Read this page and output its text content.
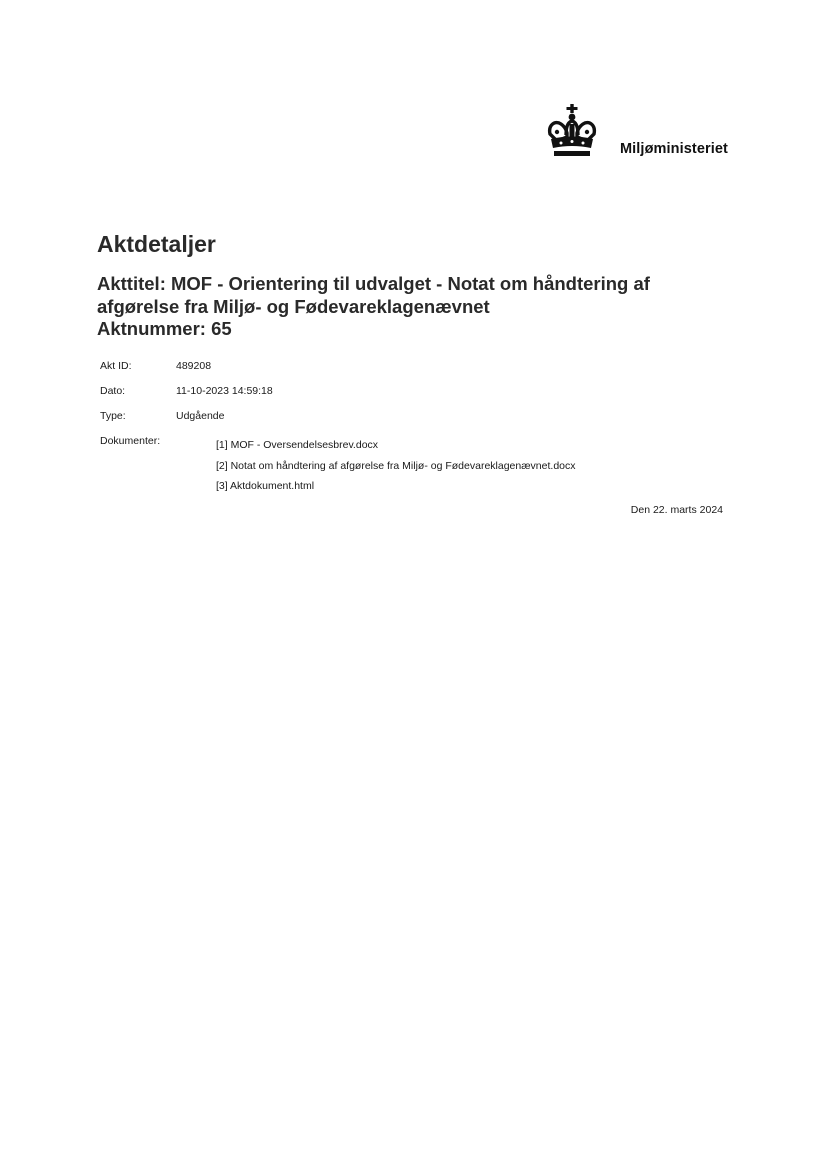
Miljøministeriet
Aktdetaljer
Akttitel: MOF - Orientering til udvalget - Notat om håndtering af
afgørelse fra Miljø- og Fødevareklagenævnet
Aktnummer: 65
Akt ID:	489208
Dato:	11-10-2023 14:59:18
Type:	Udgående
Dokumenter:	[1] MOF - Oversendelsesbrev.docx
[2] Notat om håndtering af afgørelse fra Miljø- og Fødevareklagenævnet.docx
[3] Aktdokument.html
Den 22. marts 2024
